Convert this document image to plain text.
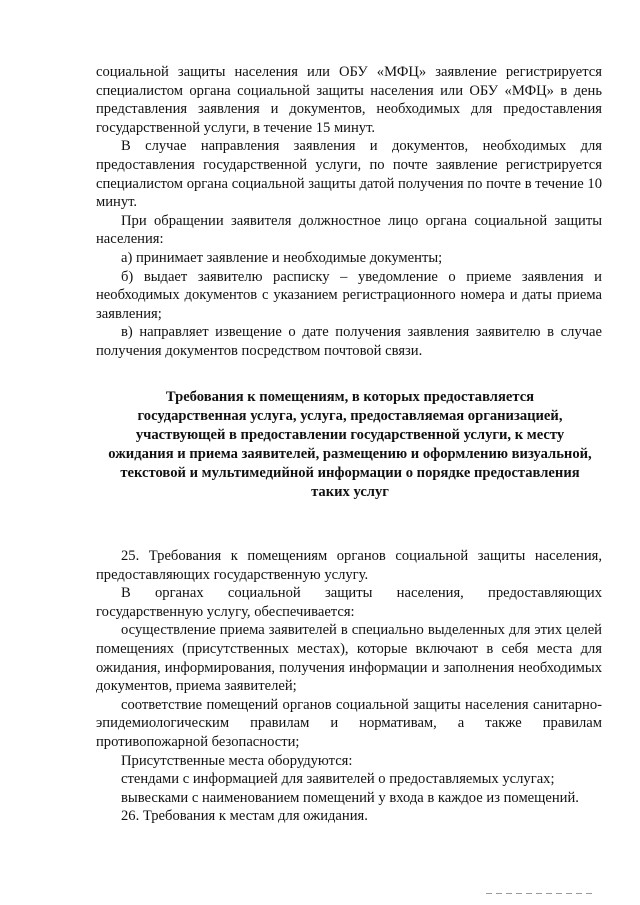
социальной защиты населения или ОБУ «МФЦ» заявление регистрируется специалистом органа социальной защиты населения или ОБУ «МФЦ» в день представления заявления и документов, необходимых для предоставления государственной услуги, в течение 15 минут.

В случае направления заявления и документов, необходимых для предоставления государственной услуги, по почте заявление регистрируется специалистом органа социальной защиты датой получения по почте в течение 10 минут.

При обращении заявителя должностное лицо органа социальной защиты населения:

а) принимает заявление и необходимые документы;

б) выдает заявителю расписку – уведомление о приеме заявления и необходимых документов с указанием регистрационного номера и даты приема заявления;

в) направляет извещение о дате получения заявления заявителю в случае получения документов посредством почтовой связи.

Требования к помещениям, в которых предоставляется
государственная услуга, услуга, предоставляемая организацией,
участвующей в предоставлении государственной услуги, к месту
ожидания и приема заявителей, размещению и оформлению визуальной,
текстовой и мультимедийной информации о порядке предоставления
таких услуг

25. Требования к помещениям органов социальной защиты населения, предоставляющих государственную услугу.

В органах социальной защиты населения, предоставляющих государственную услугу, обеспечивается:

осуществление приема заявителей в специально выделенных для этих целей помещениях (присутственных местах), которые включают в себя места для ожидания, информирования, получения информации и заполнения необходимых документов, приема заявителей;

соответствие помещений органов социальной защиты населения санитарно-эпидемиологическим правилам и нормативам, а также правилам противопожарной безопасности;

Присутственные места оборудуются:

стендами с информацией для заявителей о предоставляемых услугах;

вывесками с наименованием помещений у входа в каждое из помещений.

26. Требования к местам для ожидания.
